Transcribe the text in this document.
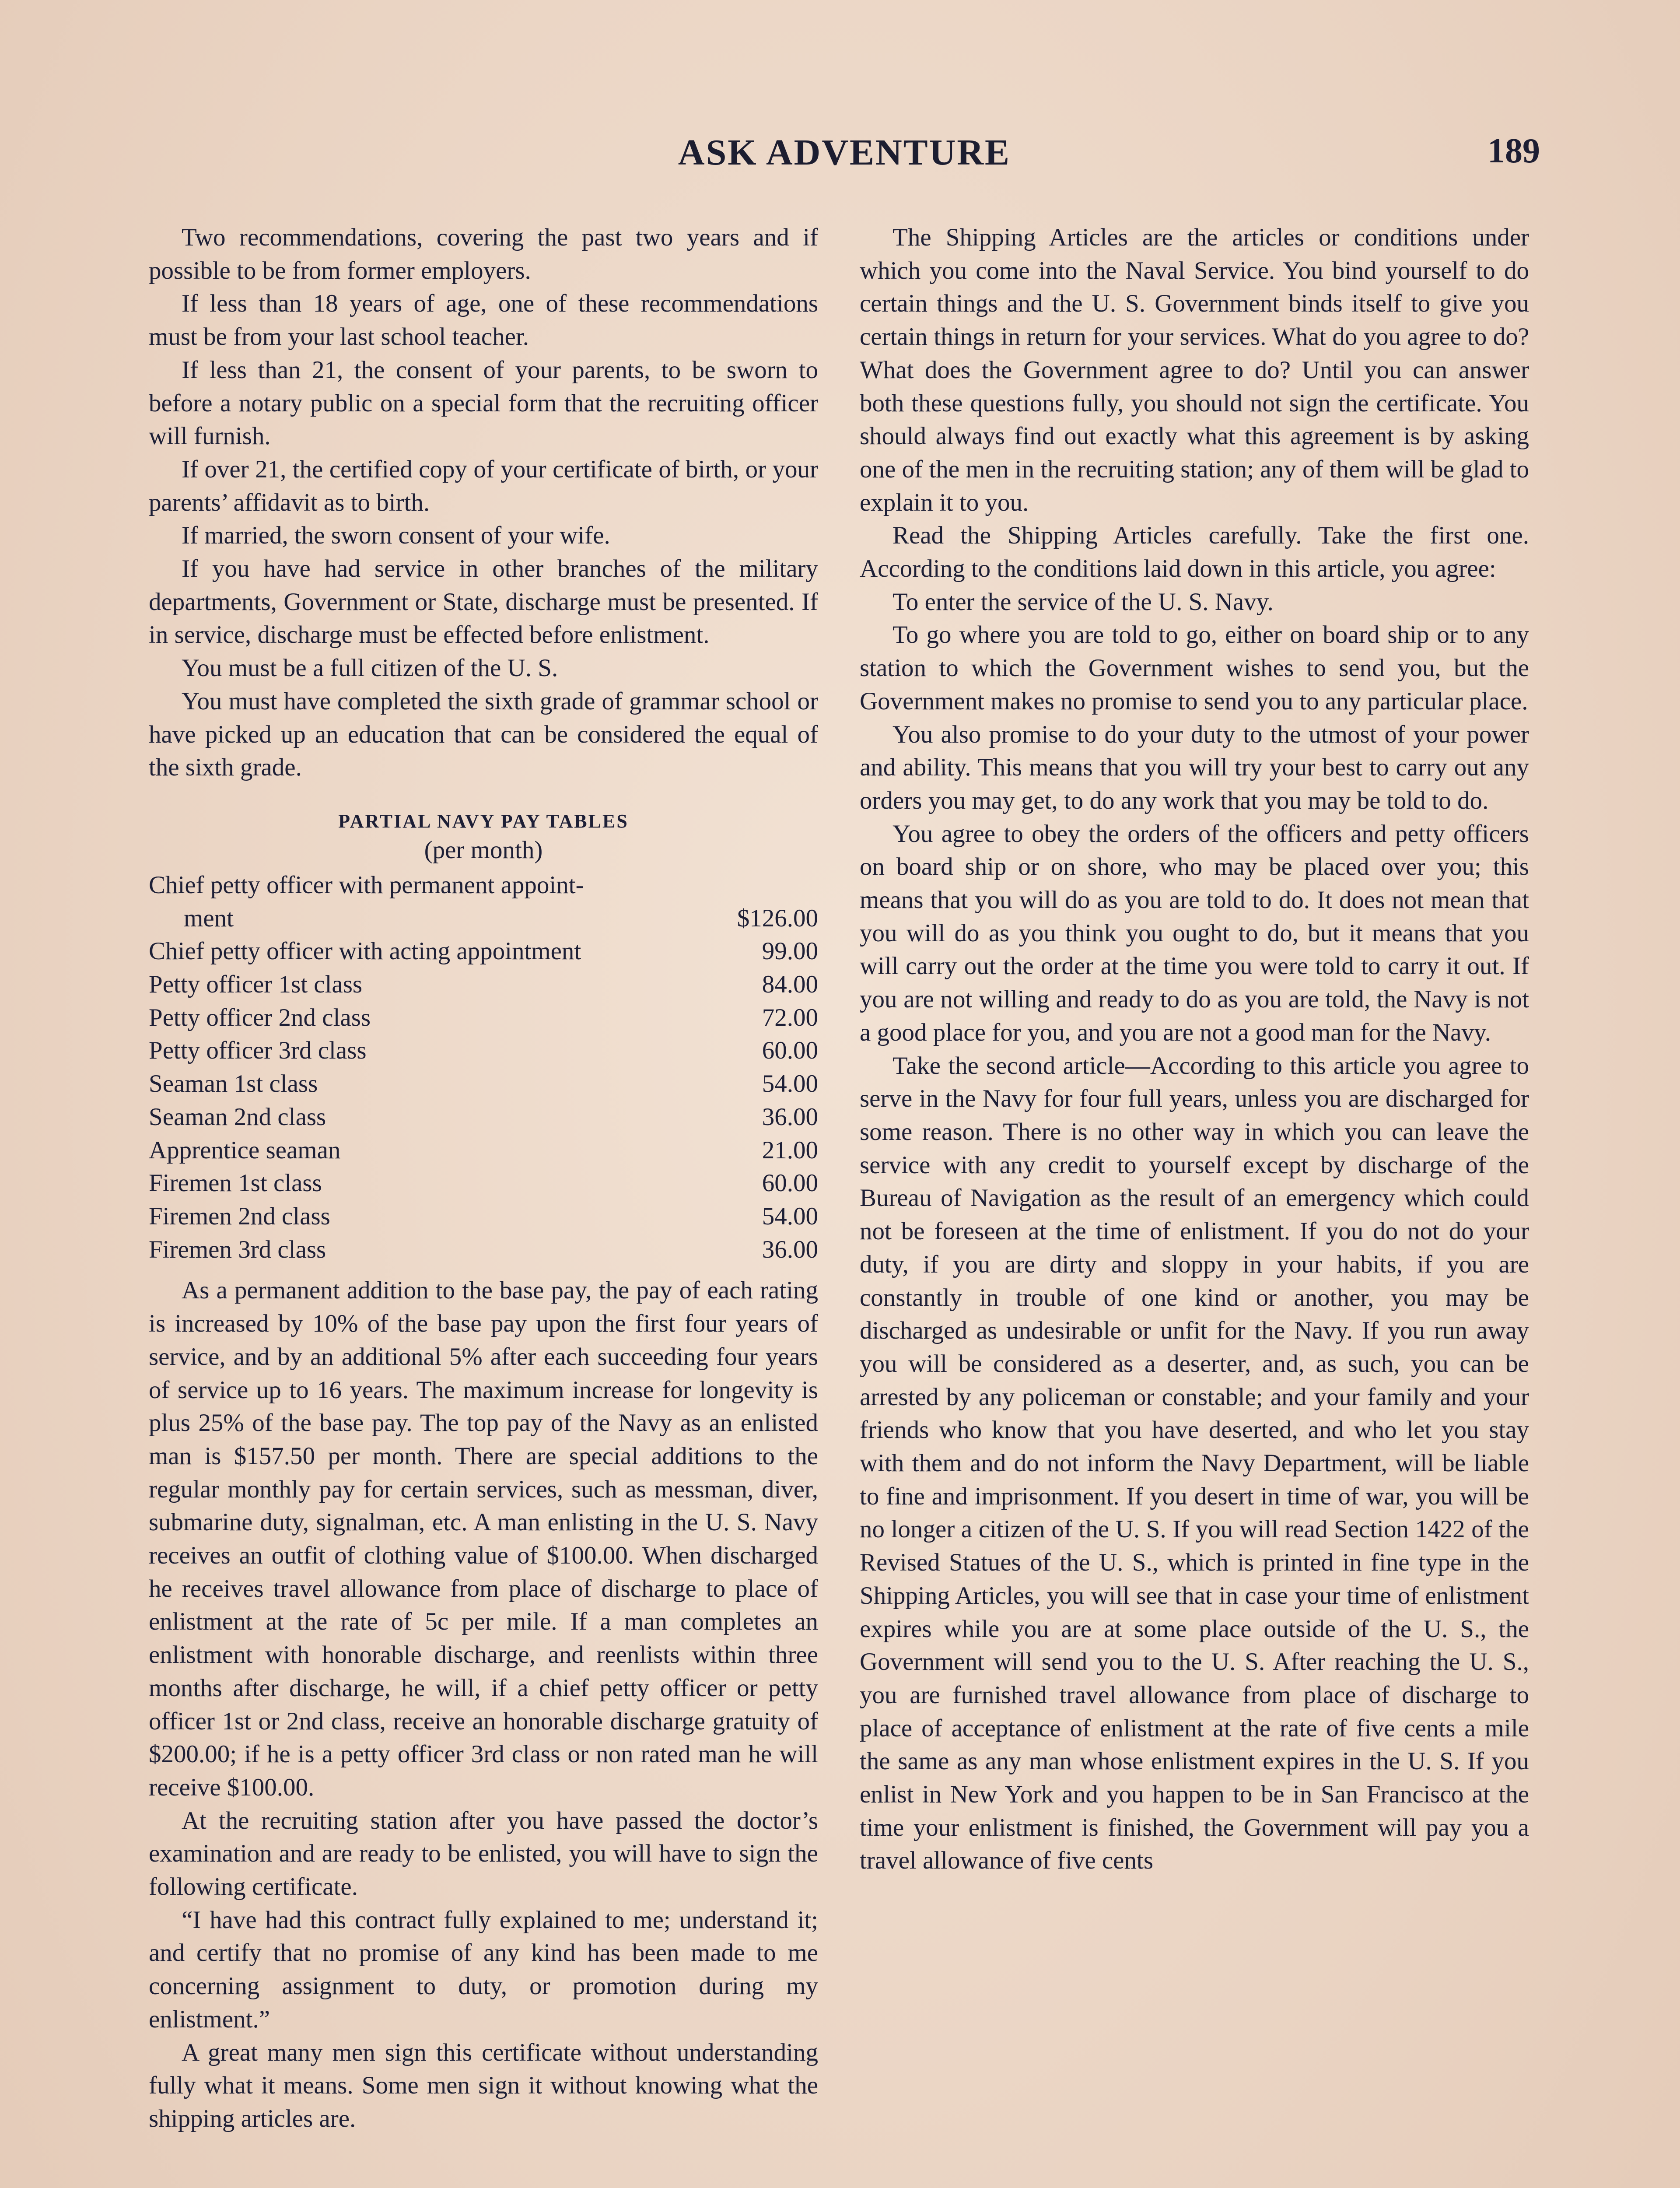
ASK ADVENTURE	189

Two recommendations, covering the past two years and if possible to be from former employers.

If less than 18 years of age, one of these recommendations must be from your last school teacher.

If less than 21, the consent of your parents, to be sworn to before a notary public on a special form that the recruiting officer will furnish.

If over 21, the certified copy of your certificate of birth, or your parents’ affidavit as to birth.

If married, the sworn consent of your wife.

If you have had service in other branches of the military departments, Government or State, discharge must be presented. If in service, discharge must be effected before enlistment.

You must be a full citizen of the U. S.

You must have completed the sixth grade of grammar school or have picked up an education that can be considered the equal of the sixth grade.

PARTIAL NAVY PAY TABLES
(per month)
Chief petty officer with permanent appoint-
ment	$126.00
Chief petty officer with acting appointment	99.00
Petty officer 1st class	84.00
Petty officer 2nd class	72.00
Petty officer 3rd class	60.00
Seaman 1st class	54.00
Seaman 2nd class	36.00
Apprentice seaman	21.00
Firemen 1st class	60.00
Firemen 2nd class	54.00
Firemen 3rd class	36.00

As a permanent addition to the base pay, the pay of each rating is increased by 10% of the base pay upon the first four years of service, and by an additional 5% after each succeeding four years of service up to 16 years. The maximum increase for longevity is plus 25% of the base pay. The top pay of the Navy as an enlisted man is $157.50 per month. There are special additions to the regular monthly pay for certain services, such as messman, diver, submarine duty, signalman, etc. A man enlisting in the U. S. Navy receives an outfit of clothing value of $100.00. When discharged he receives travel allowance from place of discharge to place of enlistment at the rate of 5c per mile. If a man completes an enlistment with honorable discharge, and reenlists within three months after discharge, he will, if a chief petty officer or petty officer 1st or 2nd class, receive an honorable discharge gratuity of $200.00; if he is a petty officer 3rd class or non rated man he will receive $100.00.

At the recruiting station after you have passed the doctor’s examination and are ready to be enlisted, you will have to sign the following certificate.

“I have had this contract fully explained to me; understand it; and certify that no promise of any kind has been made to me concerning assignment to duty, or promotion during my enlistment.”

A great many men sign this certificate without understanding fully what it means. Some men sign it without knowing what the shipping articles are.

The Shipping Articles are the articles or conditions under which you come into the Naval Service. You bind yourself to do certain things and the U. S. Government binds itself to give you certain things in return for your services. What do you agree to do? What does the Government agree to do? Until you can answer both these questions fully, you should not sign the certificate. You should always find out exactly what this agreement is by asking one of the men in the recruiting station; any of them will be glad to explain it to you.

Read the Shipping Articles carefully. Take the first one. According to the conditions laid down in this article, you agree:

To enter the service of the U. S. Navy.

To go where you are told to go, either on board ship or to any station to which the Government wishes to send you, but the Government makes no promise to send you to any particular place.

You also promise to do your duty to the utmost of your power and ability. This means that you will try your best to carry out any orders you may get, to do any work that you may be told to do.

You agree to obey the orders of the officers and petty officers on board ship or on shore, who may be placed over you; this means that you will do as you are told to do. It does not mean that you will do as you think you ought to do, but it means that you will carry out the order at the time you were told to carry it out. If you are not willing and ready to do as you are told, the Navy is not a good place for you, and you are not a good man for the Navy.

Take the second article—According to this article you agree to serve in the Navy for four full years, unless you are discharged for some reason. There is no other way in which you can leave the service with any credit to yourself except by discharge of the Bureau of Navigation as the result of an emergency which could not be foreseen at the time of enlistment. If you do not do your duty, if you are dirty and sloppy in your habits, if you are constantly in trouble of one kind or another, you may be discharged as undesirable or unfit for the Navy. If you run away you will be considered as a deserter, and, as such, you can be arrested by any policeman or constable; and your family and your friends who know that you have deserted, and who let you stay with them and do not inform the Navy Department, will be liable to fine and imprisonment. If you desert in time of war, you will be no longer a citizen of the U. S. If you will read Section 1422 of the Revised Statues of the U. S., which is printed in fine type in the Shipping Articles, you will see that in case your time of enlistment expires while you are at some place outside of the U. S., the Government will send you to the U. S. After reaching the U. S., you are furnished travel allowance from place of discharge to place of acceptance of enlistment at the rate of five cents a mile the same as any man whose enlistment expires in the U. S. If you enlist in New York and you happen to be in San Francisco at the time your enlistment is finished, the Government will pay you a travel allowance of five cents
